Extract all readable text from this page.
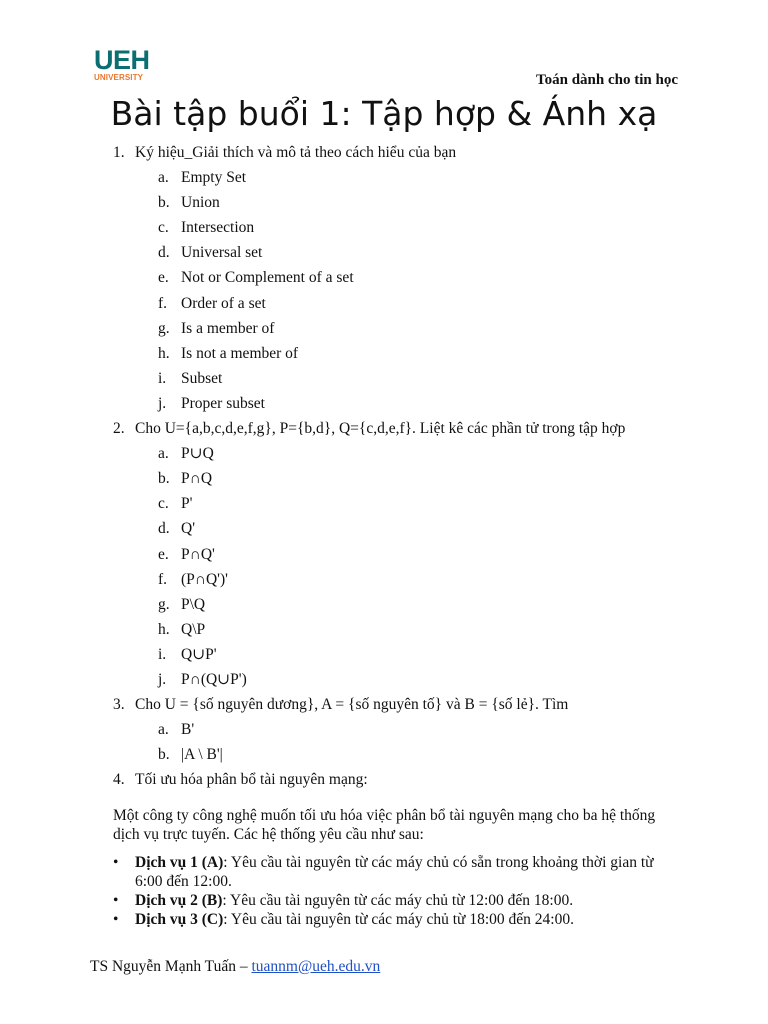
UEH
UNIVERSITY	Toán dành cho tin học
Bài tập buổi 1: Tập hợp & Ánh xạ
1. Ký hiệu_Giải thích và mô tả theo cách hiểu của bạn
a. Empty Set
b. Union
c. Intersection
d. Universal set
e. Not or Complement of a set
f. Order of a set
g. Is a member of
h. Is not a member of
i. Subset
j. Proper subset
2. Cho U={a,b,c,d,e,f,g}, P={b,d}, Q={c,d,e,f}. Liệt kê các phần tử trong tập hợp
a. P∪Q
b. P∩Q
c. P'
d. Q'
e. P∩Q'
f. (P∩Q')'
g. P\Q
h. Q\P
i. Q∪P'
j. P∩(Q∪P')
3. Cho U = {số nguyên dương}, A = {số nguyên tố} và B = {số lẻ}. Tìm
a. B'
b. |A \ B'|
4. Tối ưu hóa phân bổ tài nguyên mạng:
Một công ty công nghệ muốn tối ưu hóa việc phân bổ tài nguyên mạng cho ba hệ thống dịch vụ trực tuyến. Các hệ thống yêu cầu như sau:
• Dịch vụ 1 (A): Yêu cầu tài nguyên từ các máy chủ có sẵn trong khoảng thời gian từ 6:00 đến 12:00.
• Dịch vụ 2 (B): Yêu cầu tài nguyên từ các máy chủ từ 12:00 đến 18:00.
• Dịch vụ 3 (C): Yêu cầu tài nguyên từ các máy chủ từ 18:00 đến 24:00.
TS Nguyễn Mạnh Tuấn – tuannm@ueh.edu.vn
